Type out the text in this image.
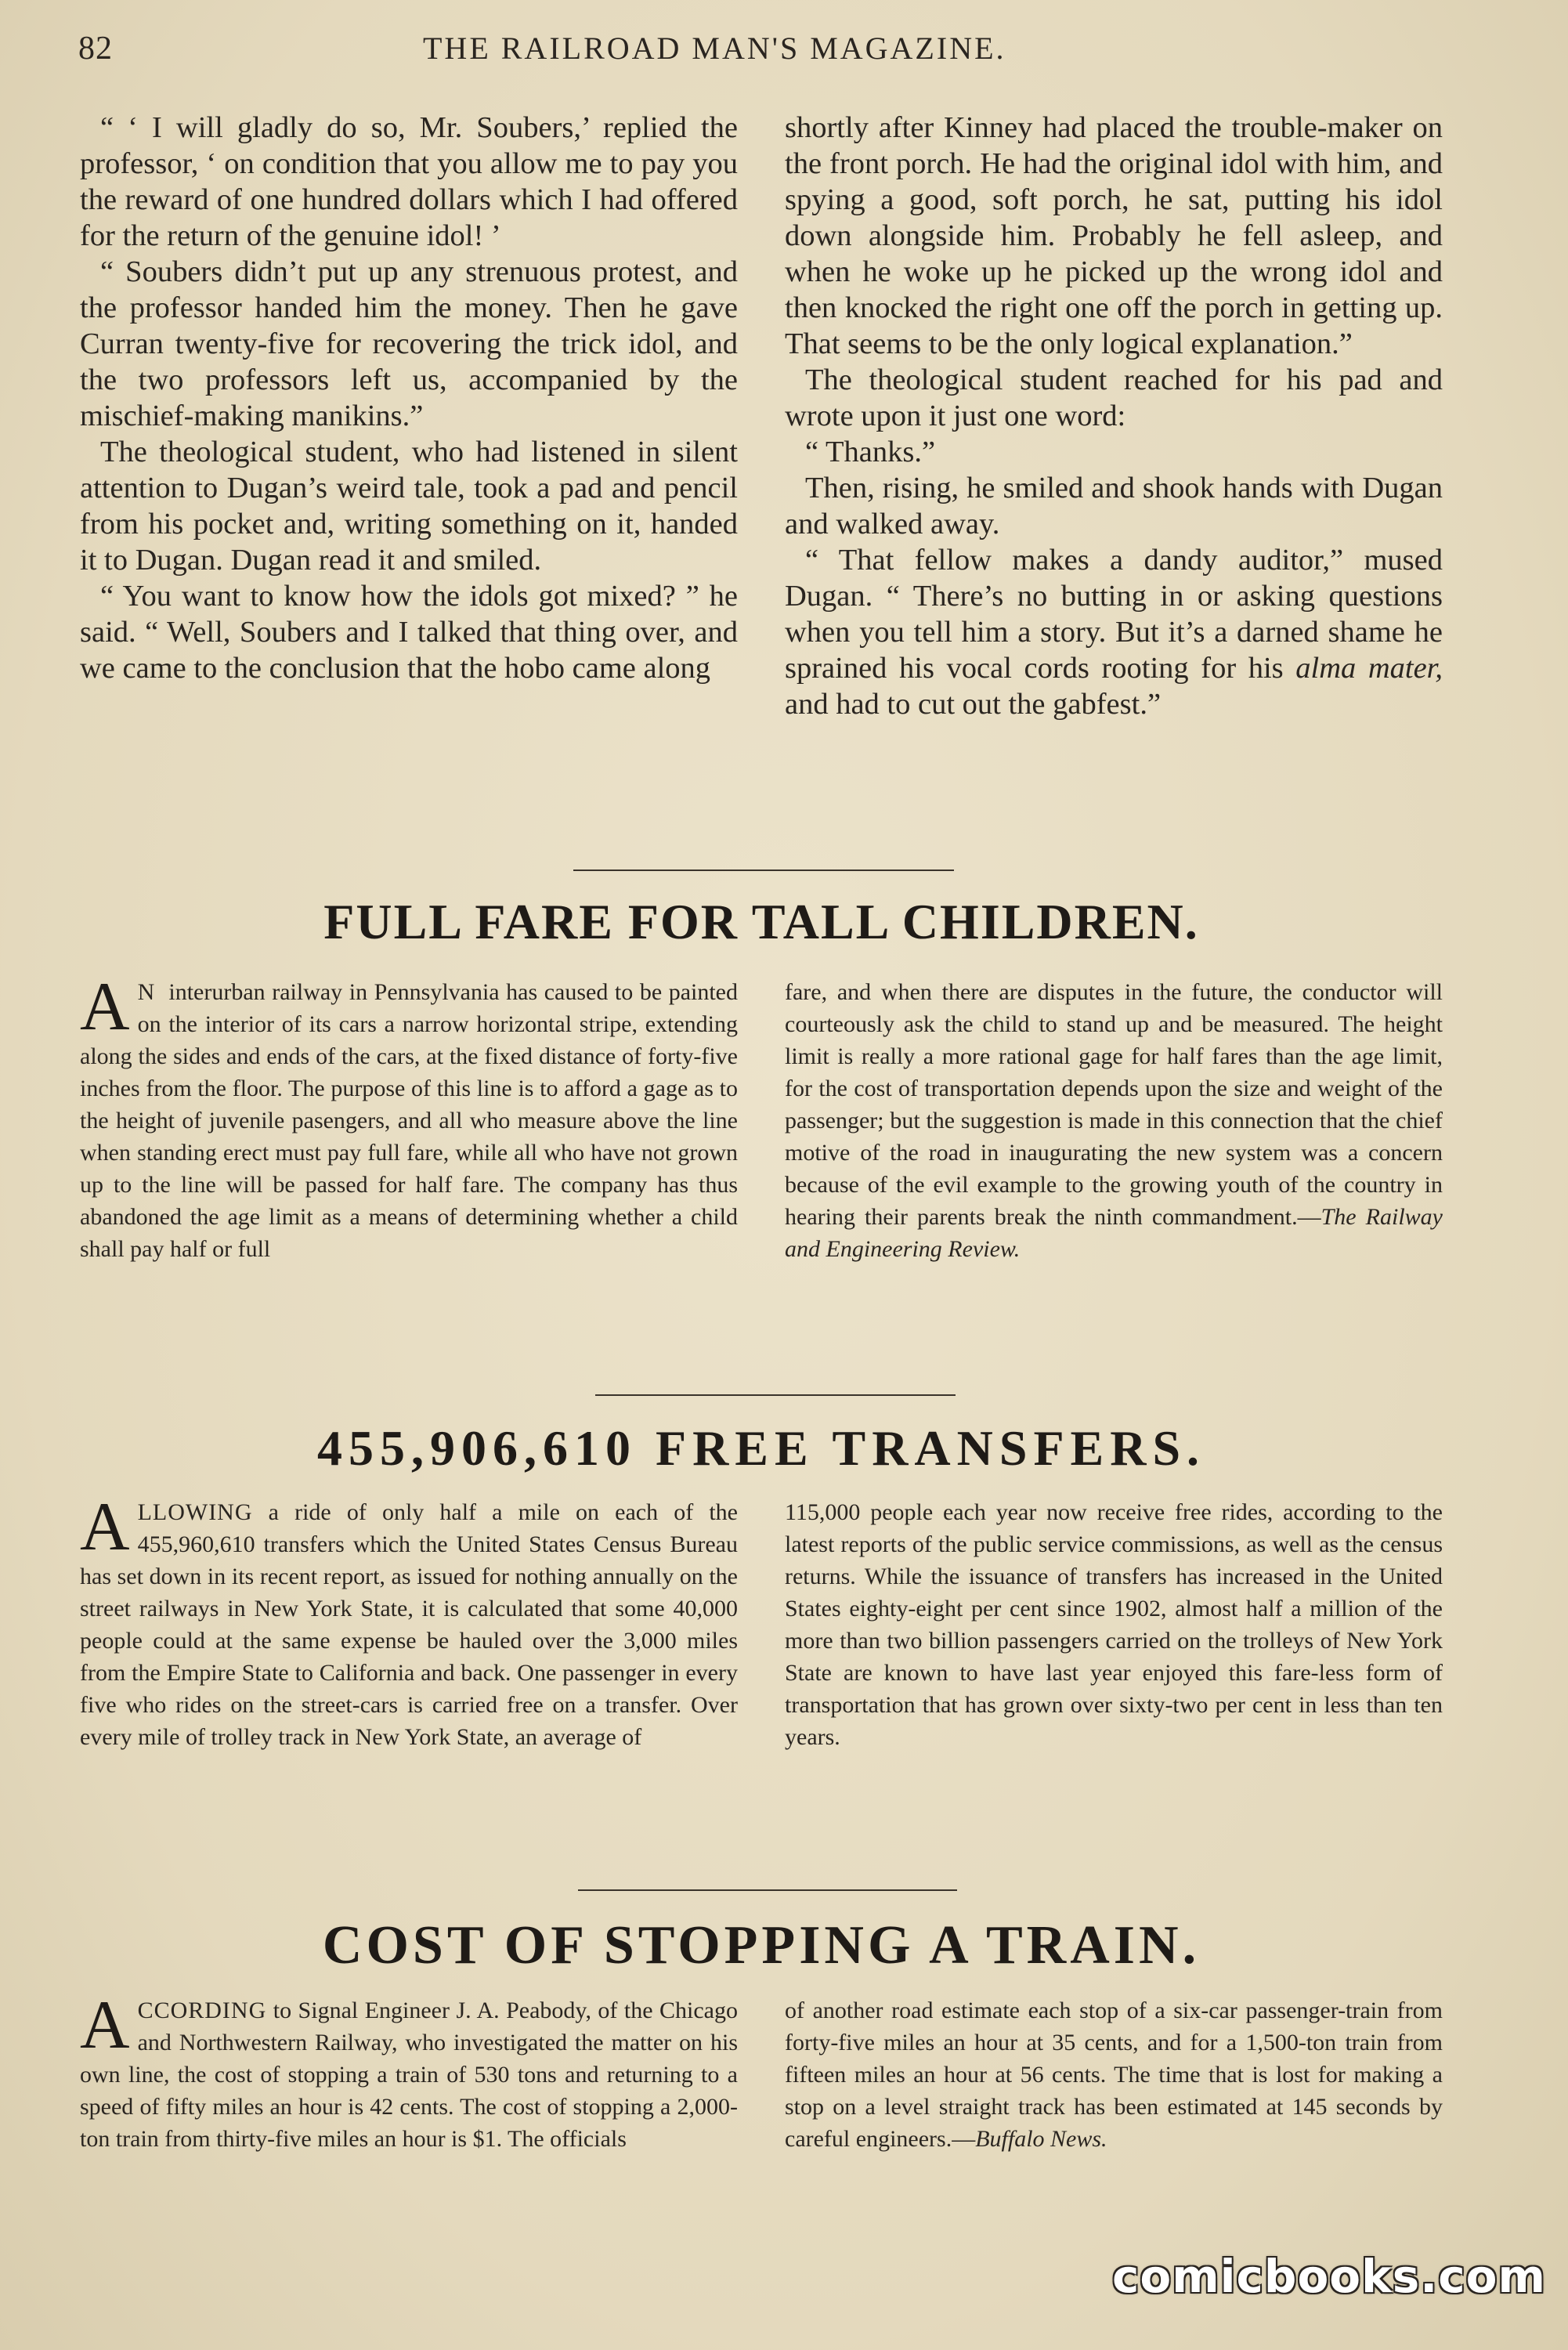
82	THE RAILROAD MAN'S MAGAZINE.

“ ‘ I will gladly do so, Mr. Soubers,’ replied the professor, ‘ on condition that you allow me to pay you the reward of one hundred dollars which I had offered for the return of the genuine idol! ’

“ Soubers didn’t put up any strenuous protest, and the professor handed him the money. Then he gave Curran twenty-five for recovering the trick idol, and the two professors left us, accompanied by the mischief-making manikins.”

The theological student, who had listened in silent attention to Dugan’s weird tale, took a pad and pencil from his pocket and, writing something on it, handed it to Dugan. Dugan read it and smiled.

“ You want to know how the idols got mixed? ” he said. “ Well, Soubers and I talked that thing over, and we came to the conclusion that the hobo came along

shortly after Kinney had placed the trouble-maker on the front porch. He had the original idol with him, and spying a good, soft porch, he sat, putting his idol down alongside him. Probably he fell asleep, and when he woke up he picked up the wrong idol and then knocked the right one off the porch in getting up. That seems to be the only logical explanation.”

The theological student reached for his pad and wrote upon it just one word:

“ Thanks.”

Then, rising, he smiled and shook hands with Dugan and walked away.

“ That fellow makes a dandy auditor,” mused Dugan. “ There’s no butting in or asking questions when you tell him a story. But it’s a darned shame he sprained his vocal cords rooting for his alma mater, and had to cut out the gabfest.”

FULL FARE FOR TALL CHILDREN.

A N interurban railway in Pennsylvania has caused to be painted on the interior of its cars a narrow horizontal stripe, extending along the sides and ends of the cars, at the fixed distance of forty-five inches from the floor. The purpose of this line is to afford a gage as to the height of juvenile pasengers, and all who measure above the line when standing erect must pay full fare, while all who have not grown up to the line will be passed for half fare. The company has thus abandoned the age limit as a means of determining whether a child shall pay half or full

fare, and when there are disputes in the future, the conductor will courteously ask the child to stand up and be measured. The height limit is really a more rational gage for half fares than the age limit, for the cost of transportation depends upon the size and weight of the passenger; but the suggestion is made in this connection that the chief motive of the road in inaugurating the new system was a concern because of the evil example to the growing youth of the country in hearing their parents break the ninth commandment.—The Railway and Engineering Review.

455,906,610 FREE TRANSFERS.

ALLOWING a ride of only half a mile on each of the 455,960,610 transfers which the United States Census Bureau has set down in its recent report, as issued for nothing annually on the street railways in New York State, it is calculated that some 40,000 people could at the same expense be hauled over the 3,000 miles from the Empire State to California and back. One passenger in every five who rides on the street-cars is carried free on a transfer. Over every mile of trolley track in New York State, an average of

115,000 people each year now receive free rides, according to the latest reports of the public service commissions, as well as the census returns. While the issuance of transfers has increased in the United States eighty-eight per cent since 1902, almost half a million of the more than two billion passengers carried on the trolleys of New York State are known to have last year enjoyed this fare-less form of transportation that has grown over sixty-two per cent in less than ten years.

COST OF STOPPING A TRAIN.

ACCORDING to Signal Engineer J. A. Peabody, of the Chicago and Northwestern Railway, who investigated the matter on his own line, the cost of stopping a train of 530 tons and returning to a speed of fifty miles an hour is 42 cents. The cost of stopping a 2,000-ton train from thirty-five miles an hour is $1. The officials

of another road estimate each stop of a six-car passenger-train from forty-five miles an hour at 35 cents, and for a 1,500-ton train from fifteen miles an hour at 56 cents. The time that is lost for making a stop on a level straight track has been estimated at 145 seconds by careful engineers.—Buffalo News.

comicbooks.com
